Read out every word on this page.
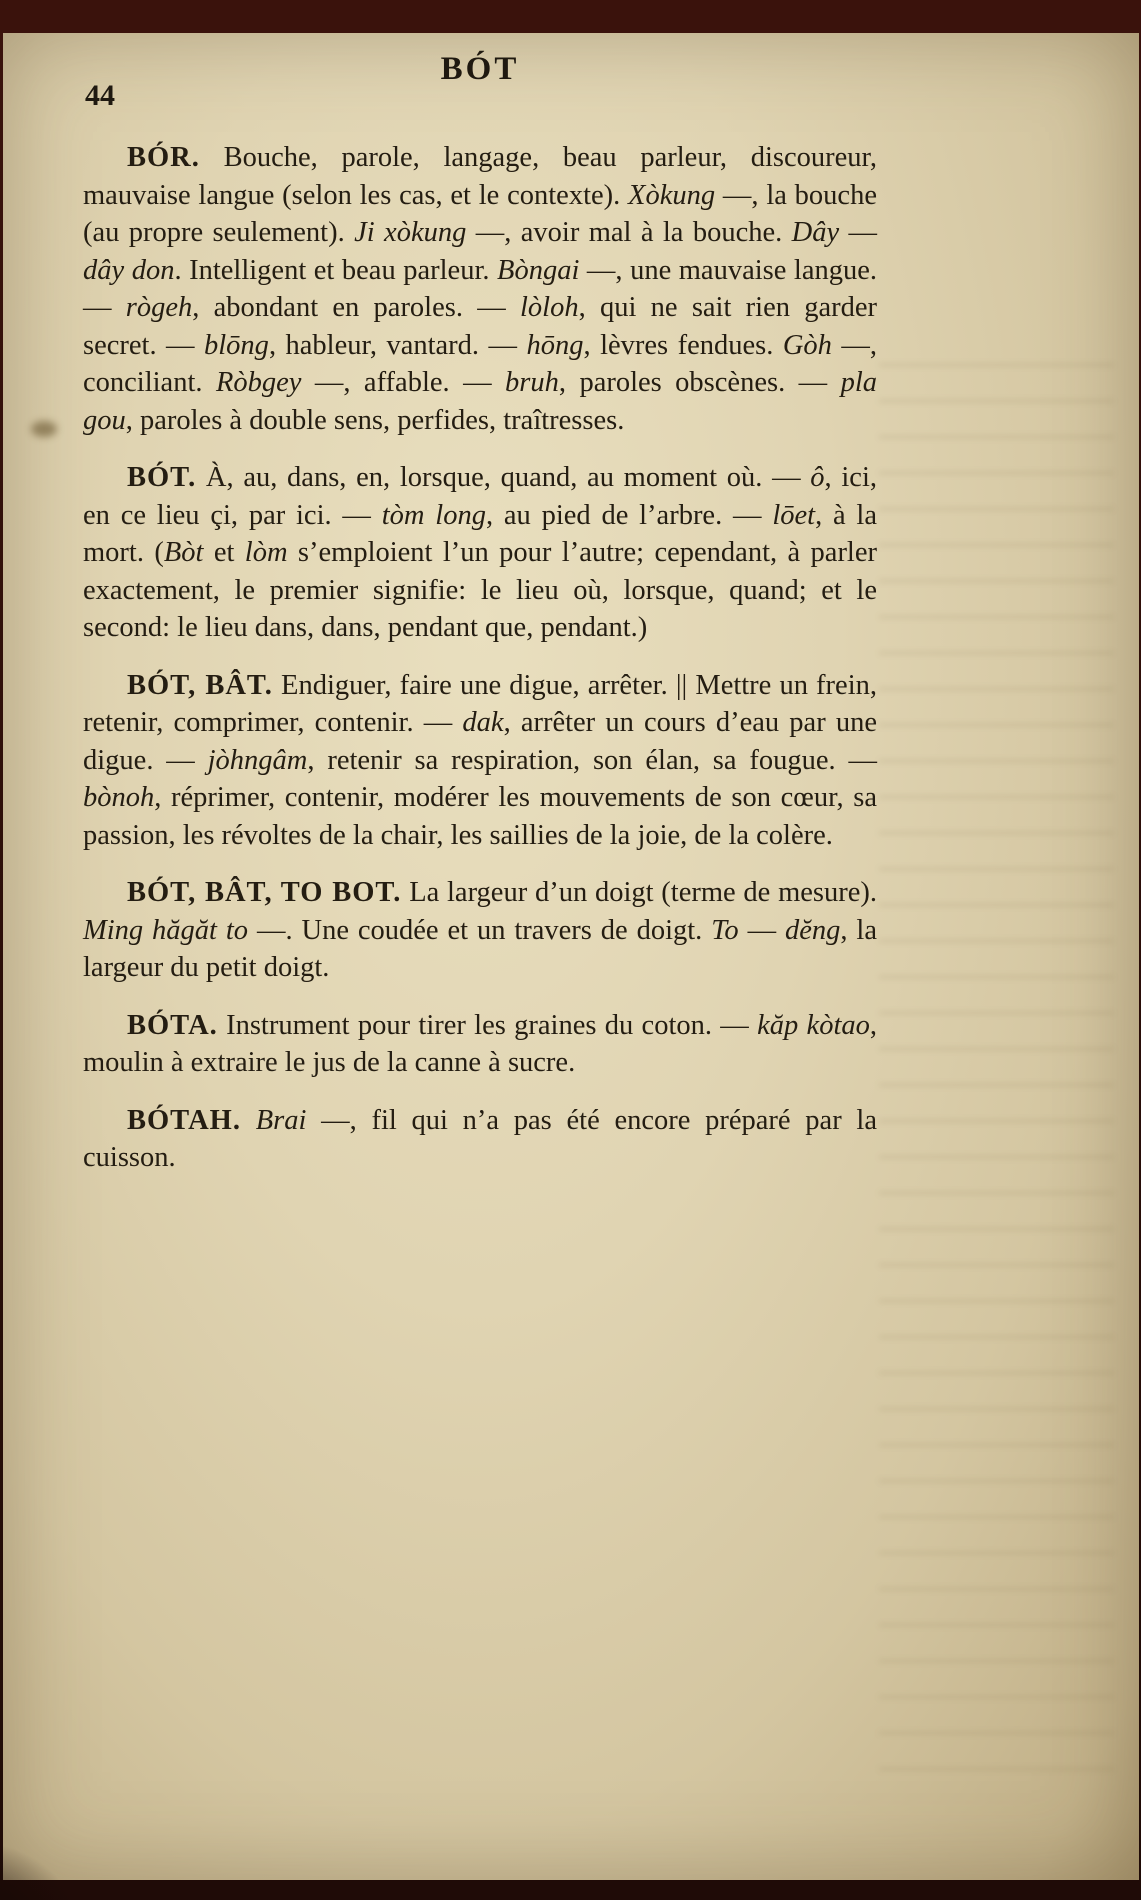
BÓT
44

BÓR. Bouche, parole, langage, beau parleur, discoureur, mauvaise langue (selon les cas, et le contexte). Xòkung —, la bouche (au propre seulement). Ji xòkung —, avoir mal à la bouche. Dây — dây don. Intelligent et beau parleur. Bòngai —, une mauvaise langue. — rògeh, abondant en paroles. — lòloh, qui ne sait rien garder secret. — blōng, hableur, vantard. — hōng, lèvres fendues. Gòh —, conciliant. Ròbgey —, affable. — bruh, paroles obscènes. — pla gou, paroles à double sens, perfides, traîtresses.

BÓT. À, au, dans, en, lorsque, quand, au moment où. — ô, ici, en ce lieu çi, par ici. — tòm long, au pied de l’arbre. — lōet, à la mort. (Bòt et lòm s’emploient l’un pour l’autre; cependant, à parler exactement, le premier signifie: le lieu où, lorsque, quand; et le second: le lieu dans, dans, pendant que, pendant.)

BÓT, BÂT. Endiguer, faire une digue, arrêter. || Mettre un frein, retenir, comprimer, contenir. — dak, arrêter un cours d’eau par une digue. — jòhngâm, retenir sa respiration, son élan, sa fougue. — bònoh, réprimer, contenir, modérer les mouvements de son cœur, sa passion, les révoltes de la chair, les saillies de la joie, de la colère.

BÓT, BÂT, TO BOT. La largeur d’un doigt (terme de mesure). Ming hăgăt to —. Une coudée et un travers de doigt. To — dĕng, la largeur du petit doigt.

BÓTA. Instrument pour tirer les graines du coton. — kăp kòtao, moulin à extraire le jus de la canne à sucre.

BÓTAH. Brai —, fil qui n’a pas été encore préparé par la cuisson.
